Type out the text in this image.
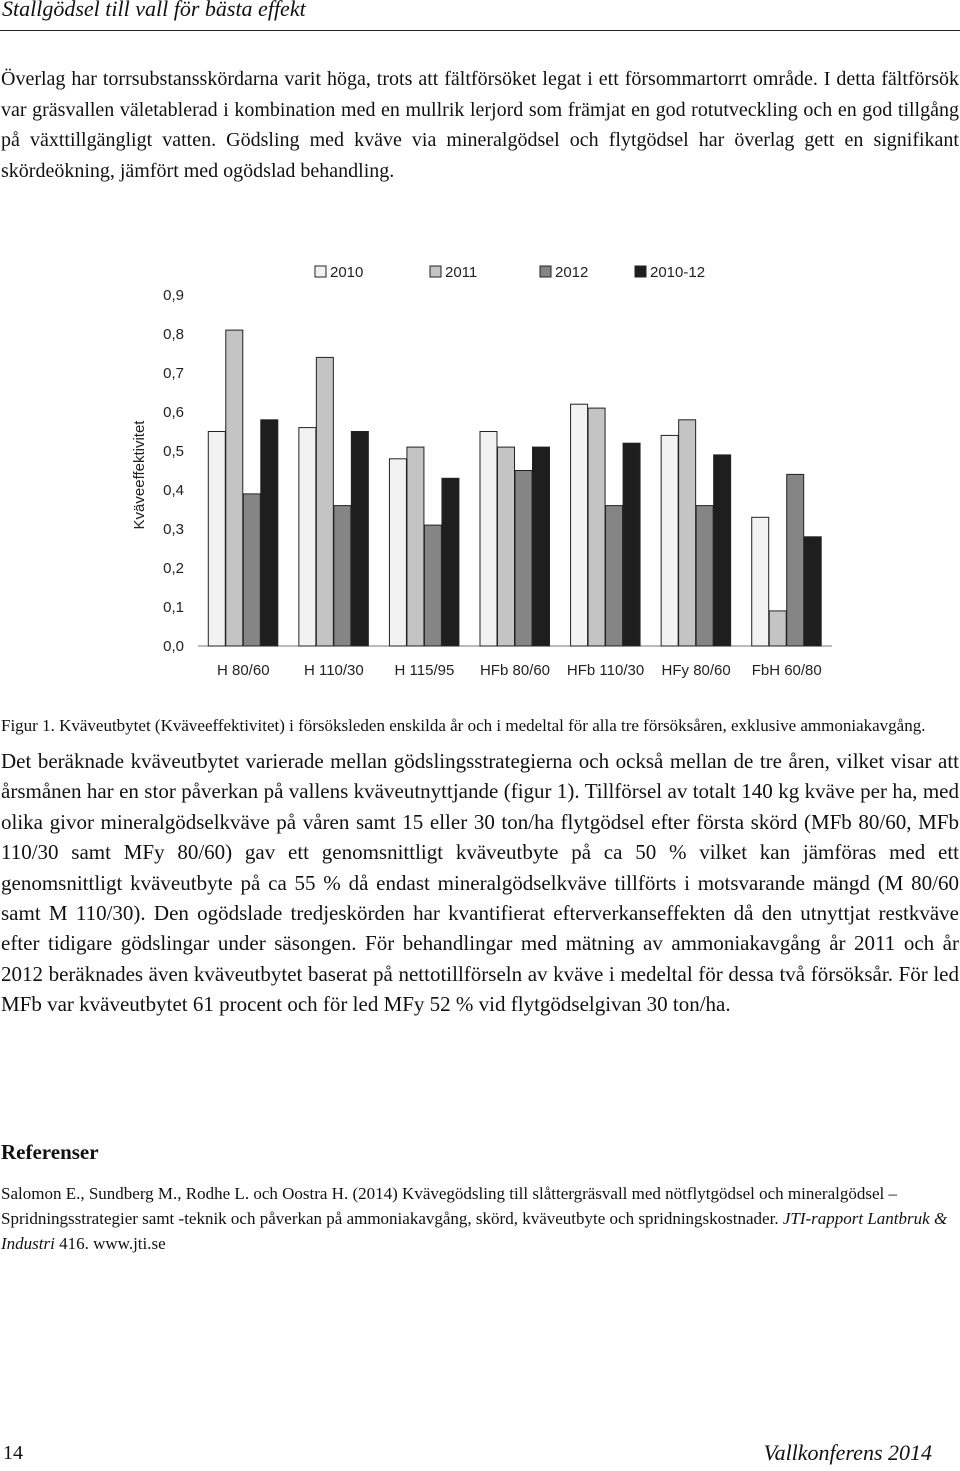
Stallgödsel till vall för bästa effekt

Överlag har torrsubstansskördarna varit höga, trots att fältförsöket legat i ett försommartorrt område. I detta fältförsök var gräsvallen väletablerad i kombination med en mullrik lerjord som främjat en god rotutveckling och en god tillgång på växttillgängligt vatten. Gödsling med kväve via mineralgödsel och flytgödsel har överlag gett en signifikant skördeökning, jämfört med ogödslad behandling.

Kväveeffektivitet
0,0
0,1
0,2
0,3
0,4
0,5
0,6
0,7
0,8
0,9
H 80/60 H 110/30 H 115/95 HFb 80/60 HFb 110/30 HFy 80/60 FbH 60/80
2010	2011	2012	2010-12

Figur 1. Kväveutbytet (Kväveeffektivitet) i försöksleden enskilda år och i medeltal för alla tre försöksåren, exklusive ammoniakavgång.

Det beräknade kväveutbytet varierade mellan gödslingsstrategierna och också mellan de tre åren, vilket visar att årsmånen har en stor påverkan på vallens kväveutnyttjande (figur 1). Tillförsel av totalt 140 kg kväve per ha, med olika givor mineralgödselkväve på våren samt 15 eller 30 ton/ha flytgödsel efter första skörd (MFb 80/60, MFb 110/30 samt MFy 80/60) gav ett genomsnittligt kväveutbyte på ca 50 % vilket kan jämföras med ett genomsnittligt kväveutbyte på ca 55 % då endast mineralgödselkväve tillförts i motsvarande mängd (M 80/60 samt M 110/30). Den ogödslade tredjeskörden har kvantifierat efterverkanseffekten då den utnyttjat restkväve efter tidigare gödslingar under säsongen. För behandlingar med mätning av ammoniakavgång år 2011 och år 2012 beräknades även kväveutbytet baserat på nettotillförseln av kväve i medeltal för dessa två försöksår. För led MFb var kväveutbytet 61 procent och för led MFy 52 % vid flytgödselgivan 30 ton/ha.

Referenser

Salomon E., Sundberg M., Rodhe L. och Oostra H. (2014) Kvävegödsling till slåttergräsvall med nötflytgödsel och mineralgödsel – Spridningsstrategier samt -teknik och påverkan på ammoniakavgång, skörd, kväveutbyte och spridningskostnader. JTI-rapport Lantbruk & Industri 416. www.jti.se

14	Vallkonferens 2014
